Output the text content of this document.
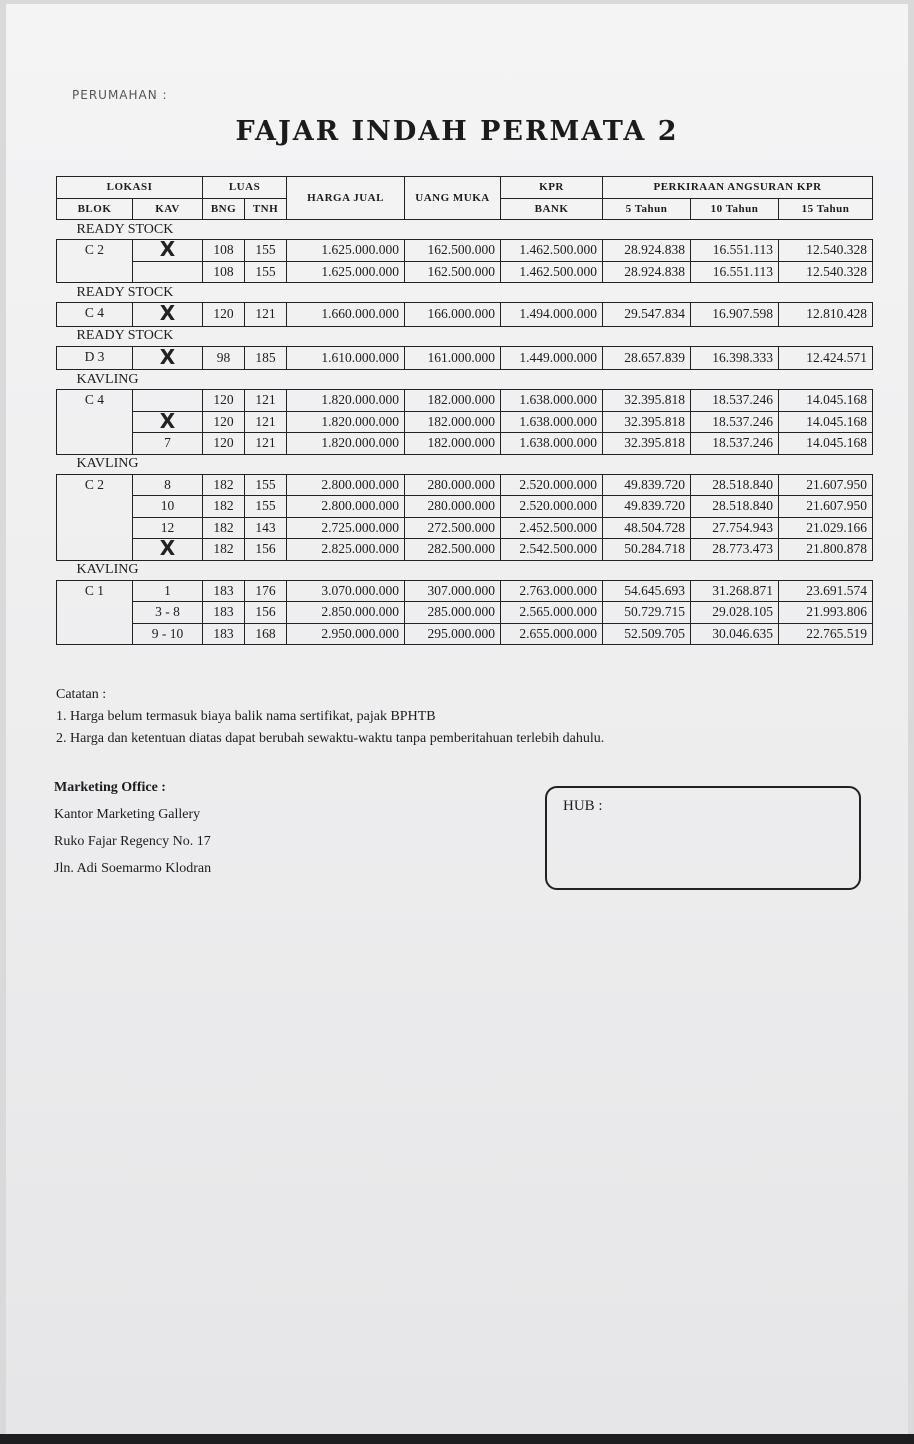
PERUMAHAN :
FAJAR INDAH PERMATA 2
LOKASI		LUAS		HARGA JUAL	UANG MUKA	KPR	PERKIRAAN ANGSURAN KPR		
BLOK	KAV	BNG	TNH			BANK	5 Tahun	10 Tahun	15 Tahun
READY STOCK									
C 2	X	108	155	1.625.000.000	162.500.000	1.462.500.000	28.924.838	16.551.113	12.540.328
		108	155	1.625.000.000	162.500.000	1.462.500.000	28.924.838	16.551.113	12.540.328
READY STOCK									
C 4	X	120	121	1.660.000.000	166.000.000	1.494.000.000	29.547.834	16.907.598	12.810.428
READY STOCK									
D 3	X	98	185	1.610.000.000	161.000.000	1.449.000.000	28.657.839	16.398.333	12.424.571
KAVLING									
C 4		120	121	1.820.000.000	182.000.000	1.638.000.000	32.395.818	18.537.246	14.045.168
	X	120	121	1.820.000.000	182.000.000	1.638.000.000	32.395.818	18.537.246	14.045.168
	7	120	121	1.820.000.000	182.000.000	1.638.000.000	32.395.818	18.537.246	14.045.168
KAVLING									
C 2	8	182	155	2.800.000.000	280.000.000	2.520.000.000	49.839.720	28.518.840	21.607.950
	10	182	155	2.800.000.000	280.000.000	2.520.000.000	49.839.720	28.518.840	21.607.950
	12	182	143	2.725.000.000	272.500.000	2.452.500.000	48.504.728	27.754.943	21.029.166
	X	182	156	2.825.000.000	282.500.000	2.542.500.000	50.284.718	28.773.473	21.800.878
KAVLING									
C 1	1	183	176	3.070.000.000	307.000.000	2.763.000.000	54.645.693	31.268.871	23.691.574
	3 - 8	183	156	2.850.000.000	285.000.000	2.565.000.000	50.729.715	29.028.105	21.993.806
	9 - 10	183	168	2.950.000.000	295.000.000	2.655.000.000	52.509.705	30.046.635	22.765.519
Catatan :
1. Harga belum termasuk biaya balik nama sertifikat, pajak BPHTB
2. Harga dan ketentuan diatas dapat berubah sewaktu-waktu tanpa pemberitahuan terlebih dahulu.
Marketing Office :
Kantor Marketing Gallery
Ruko Fajar Regency No. 17
Jln. Adi Soemarmo Klodran
HUB :
